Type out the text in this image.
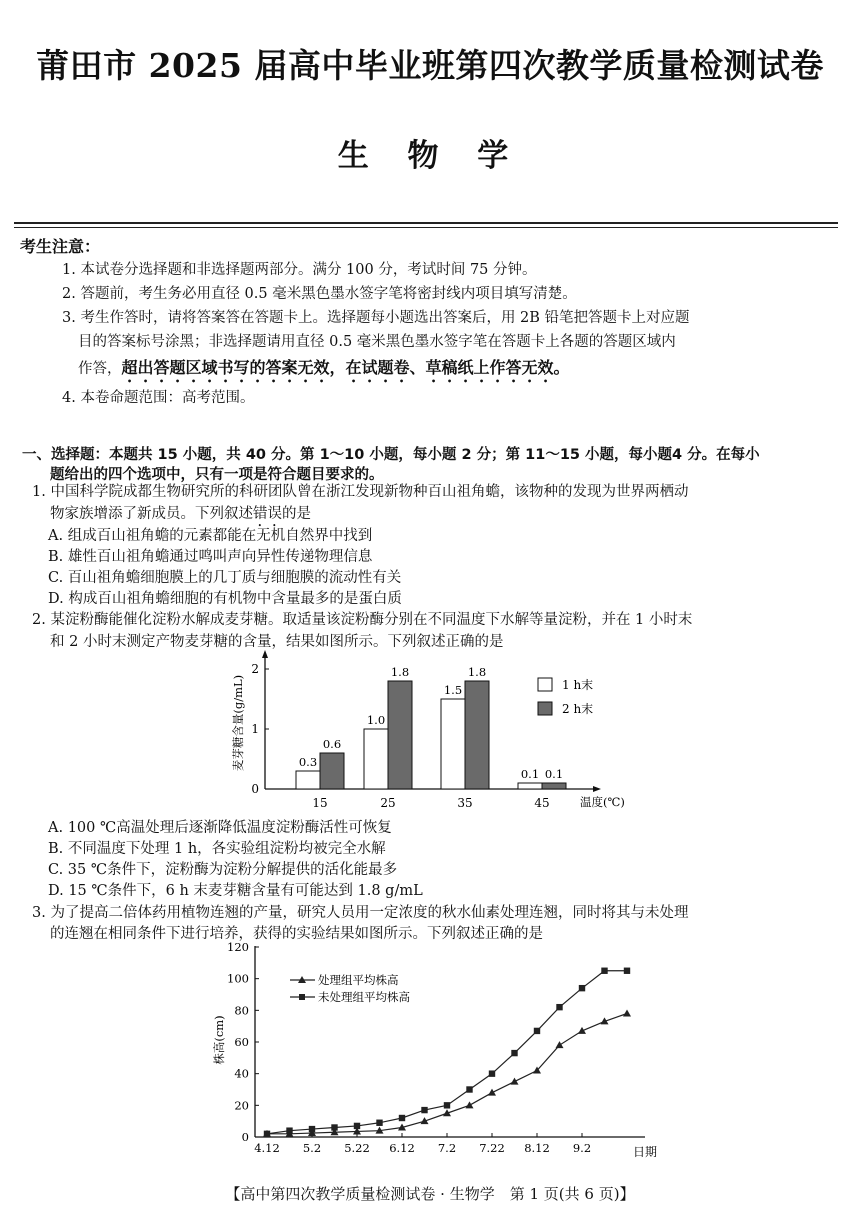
莆田市 2025 届高中毕业班第四次教学质量检测试卷
生 物 学
考生注意：
1. 本试卷分选择题和非选择题两部分。满分 100 分，考试时间 75 分钟。
2. 答题前，考生务必用直径 0.5 毫米黑色墨水签字笔将密封线内项目填写清楚。
3. 考生作答时，请将答案答在答题卡上。选择题每小题选出答案后，用 2B 铅笔把答题卡上对应题
目的答案标号涂黑；非选择题请用直径 0.5 毫米黑色墨水签字笔在答题卡上各题的答题区域内
作答，超出答题区域书写的答案无效，在试题卷、草稿纸上作答无效。
4. 本卷命题范围：高考范围。
一、选择题：本题共 15 小题，共 40 分。第 1～10 小题，每小题 2 分；第 11～15 小题，每小题4 分。在每小
题给出的四个选项中，只有一项是符合题目要求的。
1. 中国科学院成都生物研究所的科研团队曾在浙江发现新物种百山祖角蟾，该物种的发现为世界两栖动
物家族增添了新成员。下列叙述错误的是
A. 组成百山祖角蟾的元素都能在无机自然界中找到
B. 雄性百山祖角蟾通过鸣叫声向异性传递物理信息
C. 百山祖角蟾细胞膜上的几丁质与细胞膜的流动性有关
D. 构成百山祖角蟾细胞的有机物中含量最多的是蛋白质
2. 某淀粉酶能催化淀粉水解成麦芽糖。取适量该淀粉酶分别在不同温度下水解等量淀粉，并在 1 小时末
和 2 小时末测定产物麦芽糖的含量，结果如图所示。下列叙述正确的是
0
1
2
15	25	35	45
0.3
0.6
1.0
1.8
1.5
1.8
0.1 0.1
麦芽糖含量(g/mL)
温度(℃)
1 h末
2 h末
A. 100 ℃高温处理后逐渐降低温度淀粉酶活性可恢复
B. 不同温度下处理 1 h，各实验组淀粉均被完全水解
C. 35 ℃条件下，淀粉酶为淀粉分解提供的活化能最多
D. 15 ℃条件下，6 h 末麦芽糖含量有可能达到 1.8 g/mL
3. 为了提高二倍体药用植物连翘的产量，研究人员用一定浓度的秋水仙素处理连翘，同时将其与未处理
的连翘在相同条件下进行培养，获得的实验结果如图所示。下列叙述正确的是
0
20
40
60
80
100
120
4.12 5.2 5.22 6.12 7.2 7.22 8.12 9.2
株高(cm)
日期
处理组平均株高
未处理组平均株高
【高中第四次教学质量检测试卷 · 生物学　第 1 页(共 6 页)】
